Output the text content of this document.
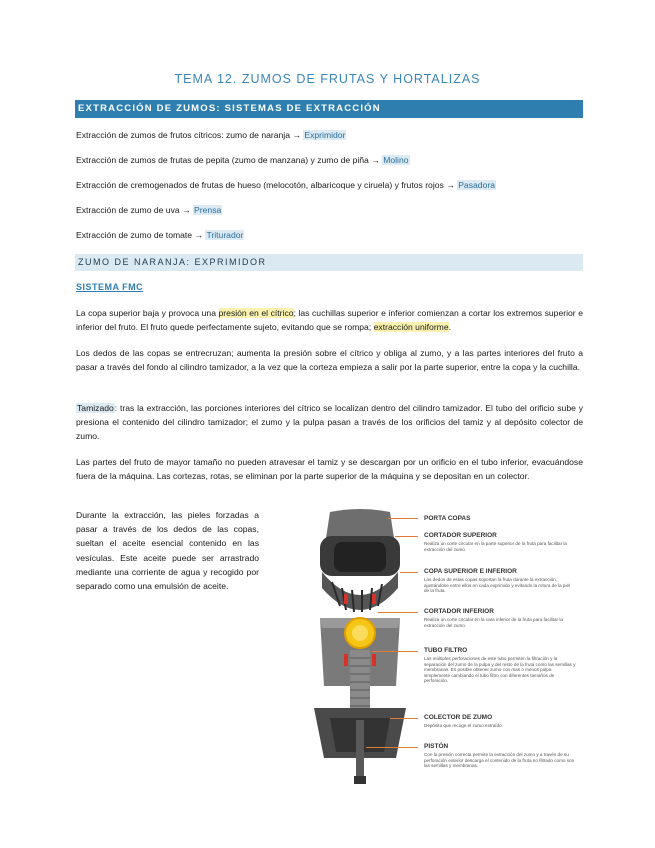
TEMA 12. ZUMOS DE FRUTAS Y HORTALIZAS
EXTRACCIÓN DE ZUMOS: SISTEMAS DE EXTRACCIÓN
Extracción de zumos de frutos cítricos: zumo de naranja → Exprimidor
Extracción de zumos de frutas de pepita (zumo de manzana) y zumo de piña → Molino
Extracción de cremogenados de frutas de hueso (melocotón, albaricoque y ciruela) y frutos rojos → Pasadora
Extracción de zumo de uva → Prensa
Extracción de zumo de tomate → Triturador
ZUMO DE NARANJA: EXPRIMIDOR
SISTEMA FMC
La copa superior baja y provoca una presión en el cítrico; las cuchillas superior e inferior comienzan a cortar los extremos superior e inferior del fruto. El fruto quede perfectamente sujeto, evitando que se rompa; extracción uniforme.
Los dedos de las copas se entrecruzan; aumenta la presión sobre el cítrico y obliga al zumo, y a las partes interiores del fruto a pasar a través del fondo al cilindro tamizador, a la vez que la corteza empieza a salir por la parte superior, entre la copa y la cuchilla.
Tamizado: tras la extracción, las porciones interiores del cítrico se localizan dentro del cilindro tamizador. El tubo del orificio sube y presiona el contenido del cilindro tamizador; el zumo y la pulpa pasan a través de los orificios del tamiz y al depósito colector de zumo.
Las partes del fruto de mayor tamaño no pueden atravesar el tamiz y se descargan por un orificio en el tubo inferior, evacuándose fuera de la máquina. Las cortezas, rotas, se eliminan por la parte superior de la máquina y se depositan en un colector.
Durante la extracción, las pieles forzadas a pasar a través de los dedos de las copas, sueltan el aceite esencial contenido en las vesículas. Este aceite puede ser arrastrado mediante una corriente de agua y recogido por separado como una emulsión de aceite.
PORTA COPAS
CORTADOR SUPERIOR
Realiza un corte circular en la parte superior de la fruta para facilitar la extracción del zumo.
COPA SUPERIOR E INFERIOR
Los dedos de estas copas soportan la fruta durante la extracción, ajustándose entre ellos en cada exprimido y evitando la rotura de la piel de la fruta.
CORTADOR INFERIOR
Realiza un corte circular en la cara inferior de la fruta para facilitar la extracción del zumo.
TUBO FILTRO
Las múltiples perforaciones de este tubo permiten la filtración y la separación del zumo de la pulpa y del resto de la fruta como las semillas y membranas. Es posible obtener zumo con mas o menos pulpa simplemente cambiando el tubo filtro con diferentes tamaños de perforación.
COLECTOR DE ZUMO
Depósito que recoge el zumo extraído.
PISTÓN
Con la presión correcta permite la extracción del zumo y a través de su perforación exterior descarga el contenido de la fruta no filtrado como son las semillas y membranas.
